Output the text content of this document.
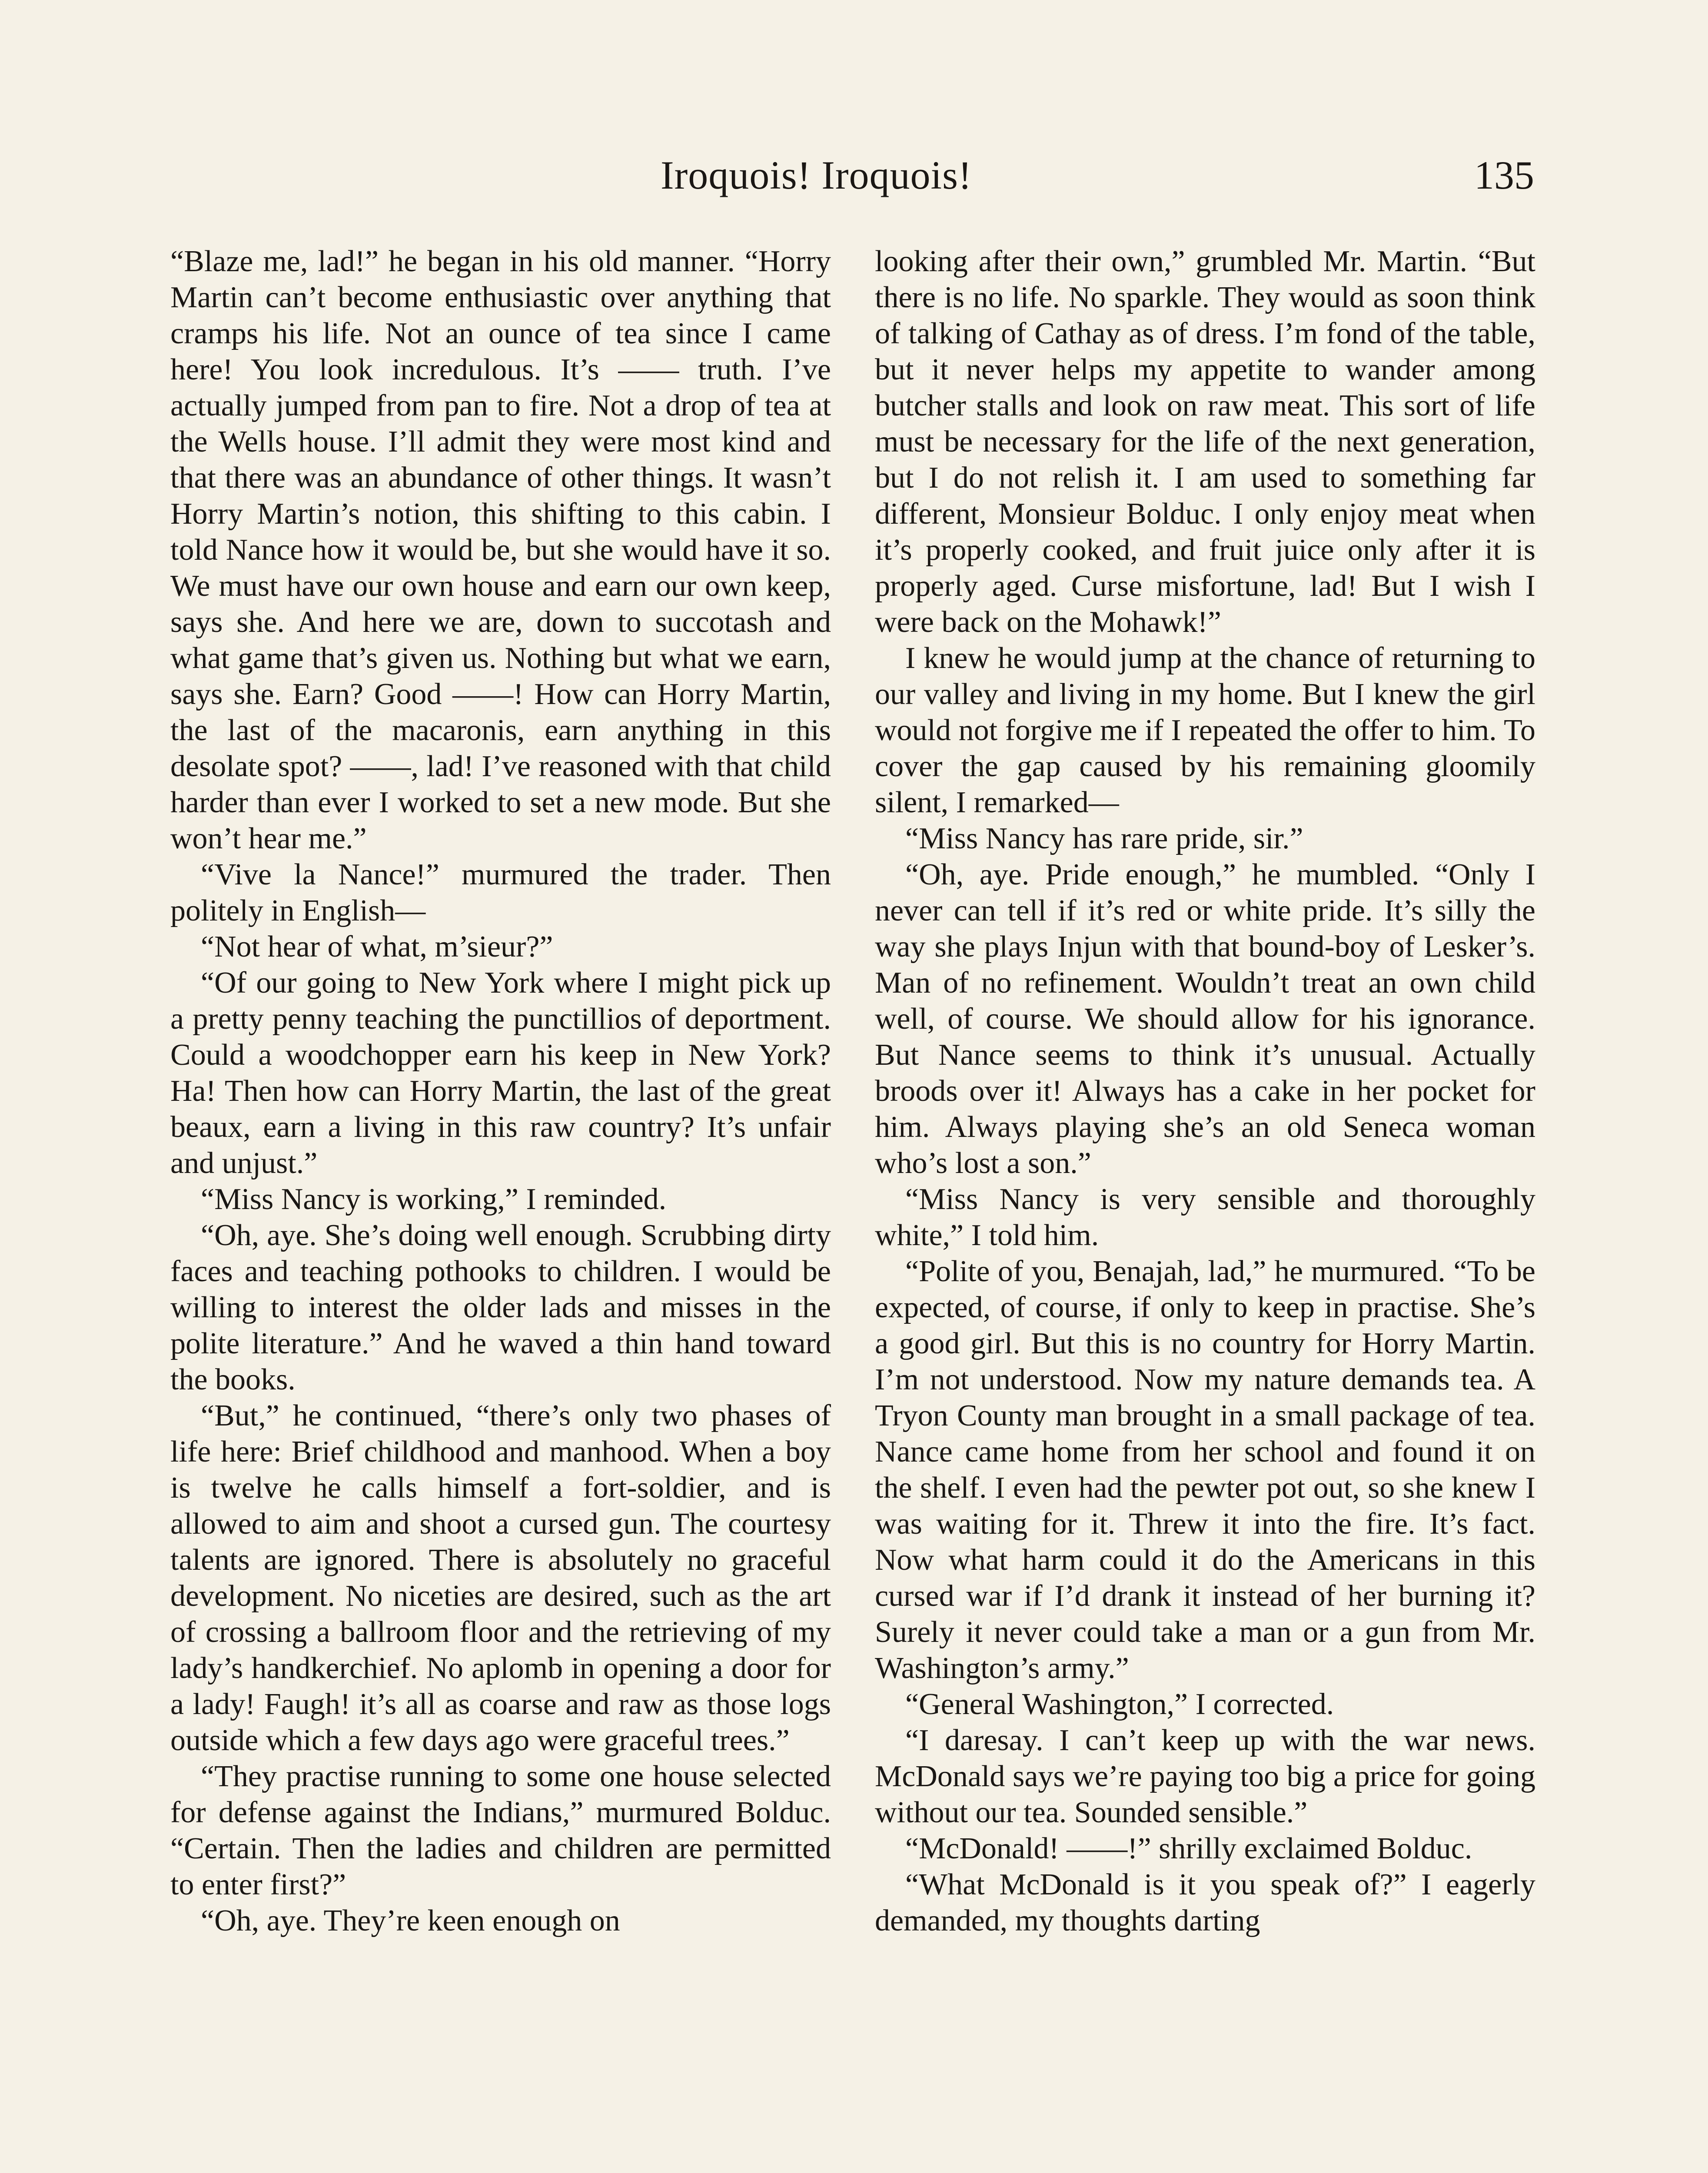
Iroquois! Iroquois!	135

“Blaze me, lad!” he began in his old manner. “Horry Martin can’t become enthusiastic over anything that cramps his life. Not an ounce of tea since I came here! You look incredulous. It’s —— truth. I’ve actually jumped from pan to fire. Not a drop of tea at the Wells house. I’ll admit they were most kind and that there was an abundance of other things. It wasn’t Horry Martin’s notion, this shifting to this cabin. I told Nance how it would be, but she would have it so. We must have our own house and earn our own keep, says she. And here we are, down to succotash and what game that’s given us. Nothing but what we earn, says she. Earn? Good ——! How can Horry Martin, the last of the macaronis, earn anything in this desolate spot? ——, lad! I’ve reasoned with that child harder than ever I worked to set a new mode. But she won’t hear me.”

“Vive la Nance!” murmured the trader. Then politely in English—

“Not hear of what, m’sieur?”

“Of our going to New York where I might pick up a pretty penny teaching the punctillios of deportment. Could a woodchopper earn his keep in New York? Ha! Then how can Horry Martin, the last of the great beaux, earn a living in this raw country? It’s unfair and unjust.”

“Miss Nancy is working,” I reminded.

“Oh, aye. She’s doing well enough. Scrubbing dirty faces and teaching pothooks to children. I would be willing to interest the older lads and misses in the polite literature.” And he waved a thin hand toward the books.

“But,” he continued, “there’s only two phases of life here: Brief childhood and manhood. When a boy is twelve he calls himself a fort-soldier, and is allowed to aim and shoot a cursed gun. The courtesy talents are ignored. There is absolutely no graceful development. No niceties are desired, such as the art of crossing a ballroom floor and the retrieving of my lady’s handkerchief. No aplomb in opening a door for a lady! Faugh! it’s all as coarse and raw as those logs outside which a few days ago were graceful trees.”

“They practise running to some one house selected for defense against the Indians,” murmured Bolduc. “Certain. Then the ladies and children are permitted to enter first?”

“Oh, aye. They’re keen enough on

looking after their own,” grumbled Mr. Martin. “But there is no life. No sparkle. They would as soon think of talking of Cathay as of dress. I’m fond of the table, but it never helps my appetite to wander among butcher stalls and look on raw meat. This sort of life must be necessary for the life of the next generation, but I do not relish it. I am used to something far different, Monsieur Bolduc. I only enjoy meat when it’s properly cooked, and fruit juice only after it is properly aged. Curse misfortune, lad! But I wish I were back on the Mohawk!”

I knew he would jump at the chance of returning to our valley and living in my home. But I knew the girl would not forgive me if I repeated the offer to him. To cover the gap caused by his remaining gloomily silent, I remarked—

“Miss Nancy has rare pride, sir.”

“Oh, aye. Pride enough,” he mumbled. “Only I never can tell if it’s red or white pride. It’s silly the way she plays Injun with that bound-boy of Lesker’s. Man of no refinement. Wouldn’t treat an own child well, of course. We should allow for his ignorance. But Nance seems to think it’s unusual. Actually broods over it! Always has a cake in her pocket for him. Always playing she’s an old Seneca woman who’s lost a son.”

“Miss Nancy is very sensible and thoroughly white,” I told him.

“Polite of you, Benajah, lad,” he murmured. “To be expected, of course, if only to keep in practise. She’s a good girl. But this is no country for Horry Martin. I’m not understood. Now my nature demands tea. A Tryon County man brought in a small package of tea. Nance came home from her school and found it on the shelf. I even had the pewter pot out, so she knew I was waiting for it. Threw it into the fire. It’s fact. Now what harm could it do the Americans in this cursed war if I’d drank it instead of her burning it? Surely it never could take a man or a gun from Mr. Washington’s army.”

“General Washington,” I corrected.

“I daresay. I can’t keep up with the war news. McDonald says we’re paying too big a price for going without our tea. Sounded sensible.”

“McDonald! ——!” shrilly exclaimed Bolduc.

“What McDonald is it you speak of?” I eagerly demanded, my thoughts darting
